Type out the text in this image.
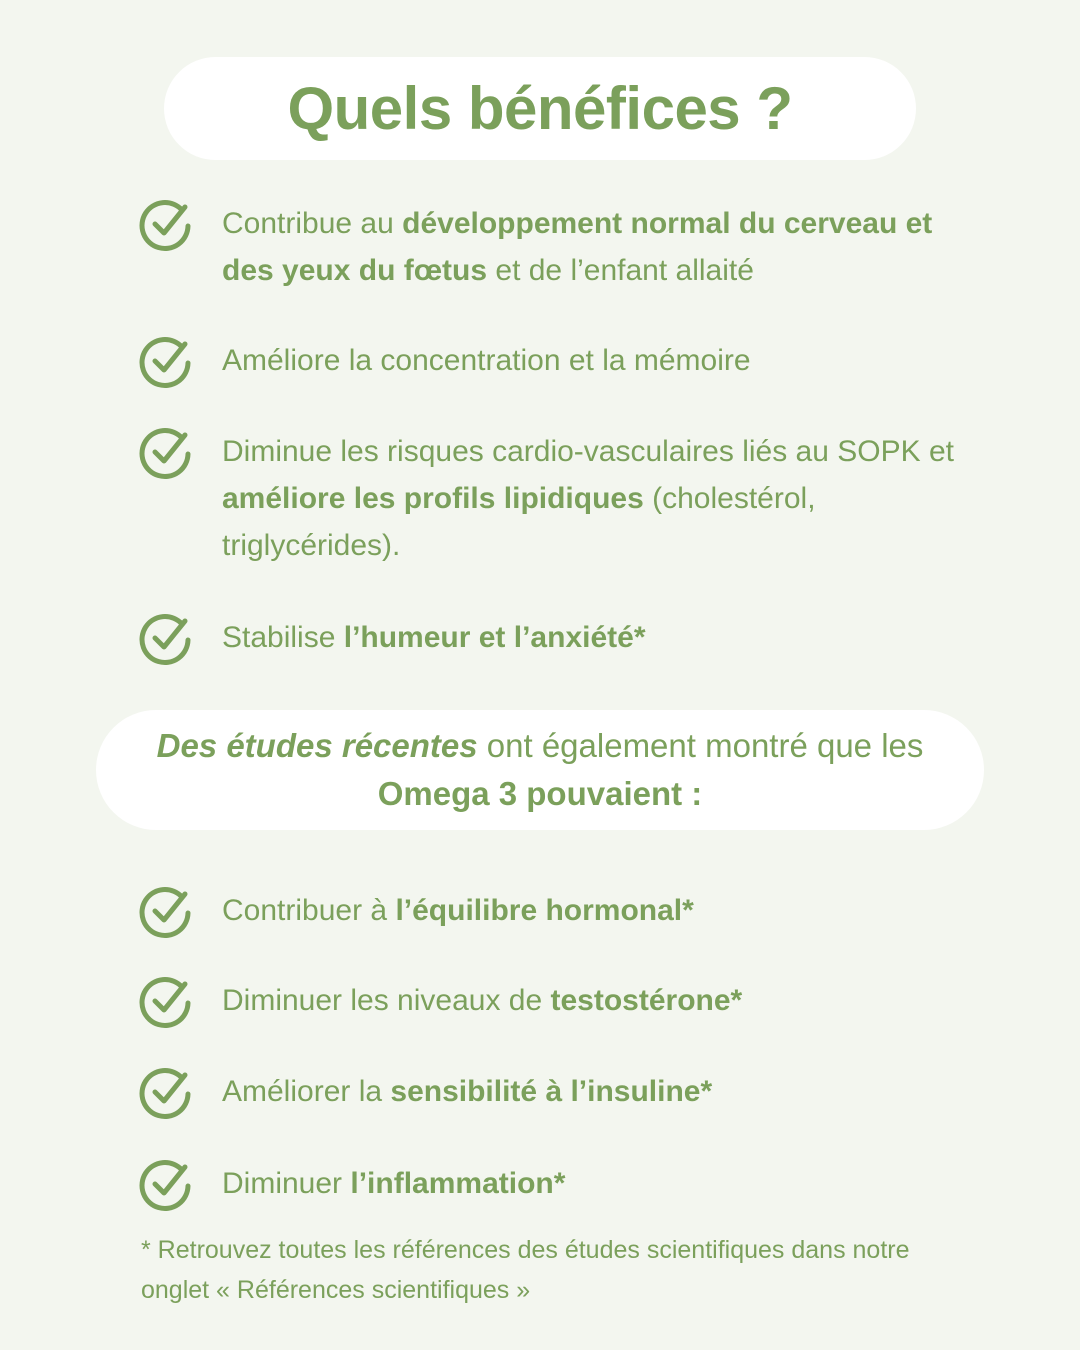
Quels bénéfices ?
Contribue au développement normal du cerveau et des yeux du fœtus et de l’enfant allaité
Améliore la concentration et la mémoire
Diminue les risques cardio-vasculaires liés au SOPK et améliore les profils lipidiques (cholestérol, triglycérides).
Stabilise l’humeur et l’anxiété*
Des études récentes ont également montré que les Omega 3 pouvaient :
Contribuer à l’équilibre hormonal*
Diminuer les niveaux de testostérone*
Améliorer la sensibilité à l’insuline*
Diminuer l’inflammation*
* Retrouvez toutes les références des études scientifiques dans notre onglet « Références scientifiques »
